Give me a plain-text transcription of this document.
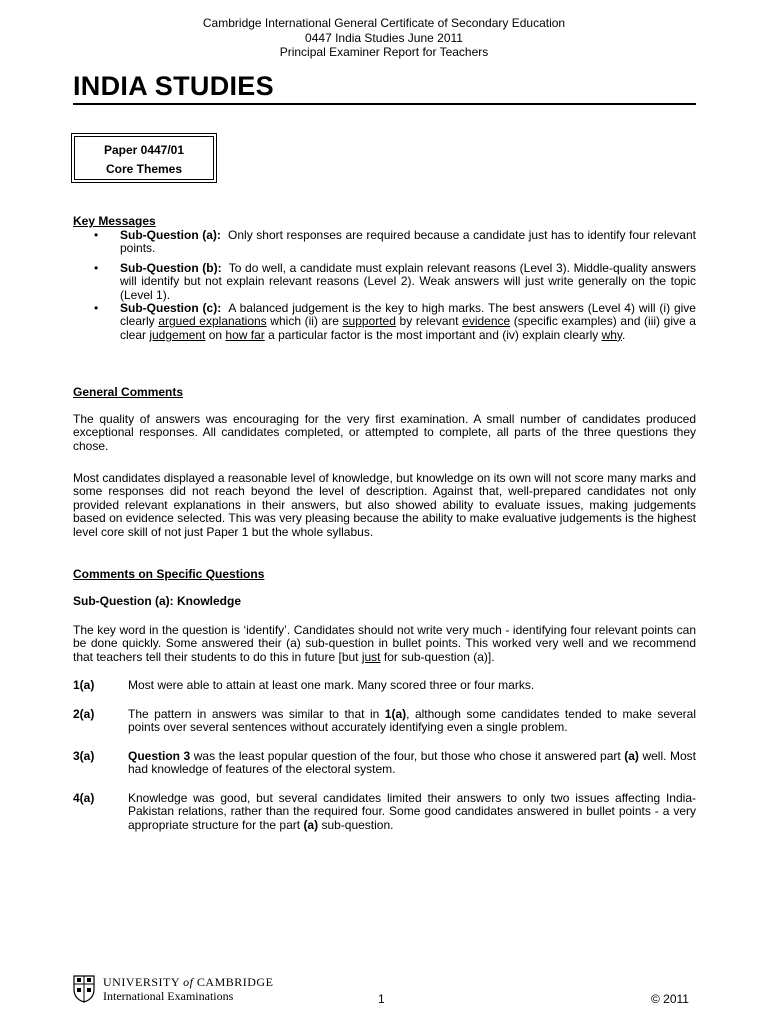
Cambridge International General Certificate of Secondary Education
0447 India Studies June 2011
Principal Examiner Report for Teachers
INDIA STUDIES
Paper 0447/01
Core Themes
Key Messages
• Sub-Question (a): Only short responses are required because a candidate just has to identify four relevant points.
• Sub-Question (b): To do well, a candidate must explain relevant reasons (Level 3). Middle-quality answers will identify but not explain relevant reasons (Level 2). Weak answers will just write generally on the topic (Level 1).
• Sub-Question (c): A balanced judgement is the key to high marks. The best answers (Level 4) will (i) give clearly argued explanations which (ii) are supported by relevant evidence (specific examples) and (iii) give a clear judgement on how far a particular factor is the most important and (iv) explain clearly why.
General Comments
The quality of answers was encouraging for the very first examination. A small number of candidates produced exceptional responses. All candidates completed, or attempted to complete, all parts of the three questions they chose.
Most candidates displayed a reasonable level of knowledge, but knowledge on its own will not score many marks and some responses did not reach beyond the level of description. Against that, well-prepared candidates not only provided relevant explanations in their answers, but also showed ability to evaluate issues, making judgements based on evidence selected. This was very pleasing because the ability to make evaluative judgements is the highest level core skill of not just Paper 1 but the whole syllabus.
Comments on Specific Questions
Sub-Question (a): Knowledge
The key word in the question is ‘identify’. Candidates should not write very much - identifying four relevant points can be done quickly. Some answered their (a) sub-question in bullet points. This worked very well and we recommend that teachers tell their students to do this in future [but just for sub-question (a)].
1(a)	Most were able to attain at least one mark. Many scored three or four marks.
2(a)	The pattern in answers was similar to that in 1(a), although some candidates tended to make several points over several sentences without accurately identifying even a single problem.
3(a)	Question 3 was the least popular question of the four, but those who chose it answered part (a) well. Most had knowledge of features of the electoral system.
4(a)	Knowledge was good, but several candidates limited their answers to only two issues affecting India-Pakistan relations, rather than the required four. Some good candidates answered in bullet points - a very appropriate structure for the part (a) sub-question.
UNIVERSITY of CAMBRIDGE
International Examinations	1	© 2011
